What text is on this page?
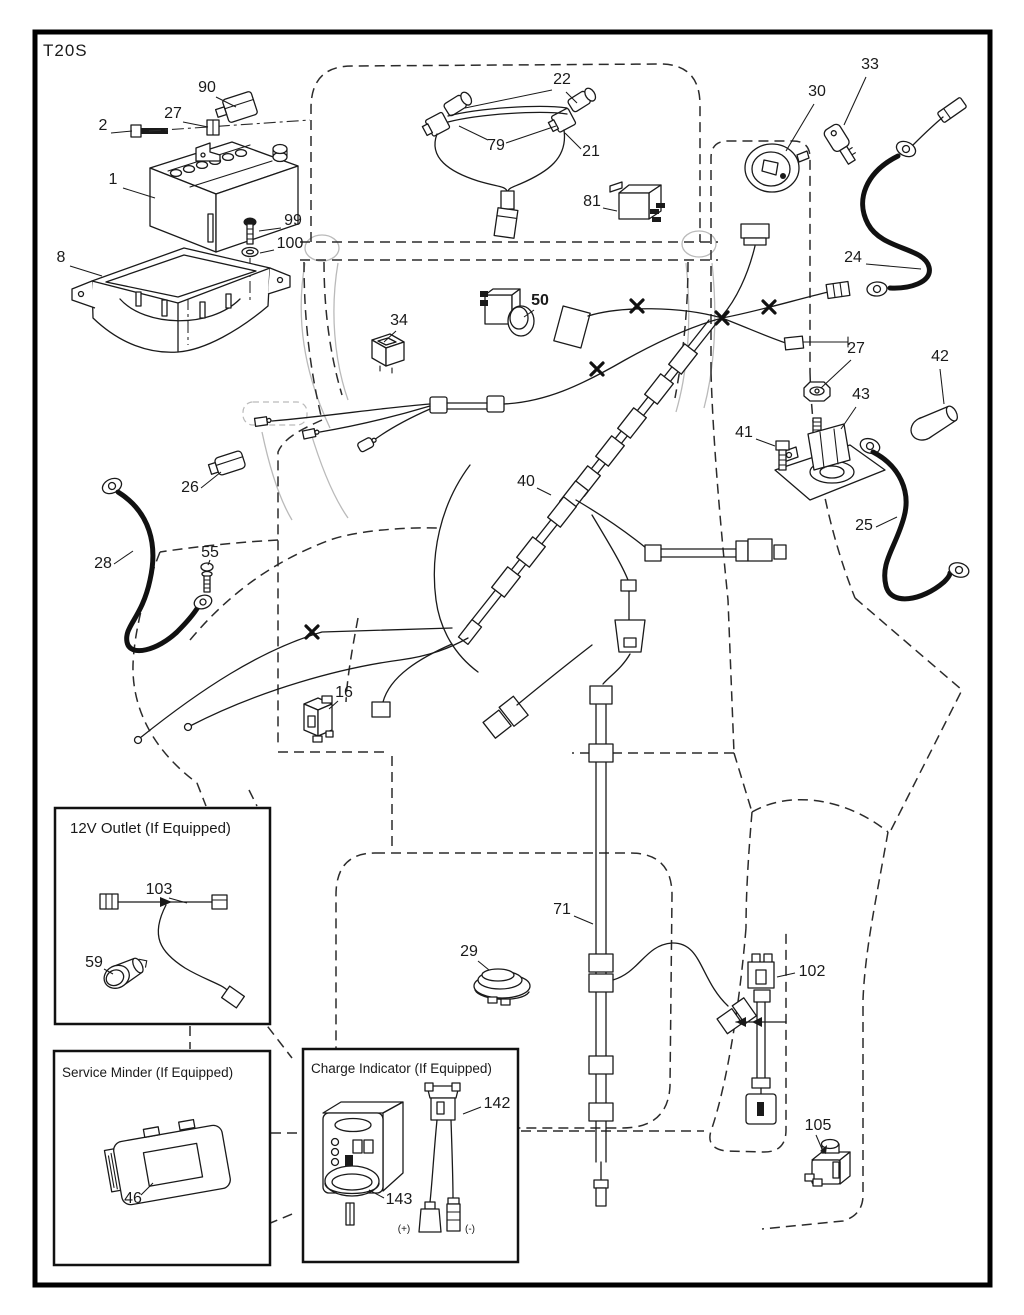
T20S
12V Outlet (If Equipped)
Service Minder (If Equipped)	Charge Indicator (If Equipped)
(+)	(-)
90
2
27
1
99
100
8
22
79	21
81
30
33
24
34
50
27	42
43
41
25
26	40
28
55
16
103
59
29
71
102
105
46
142
143
